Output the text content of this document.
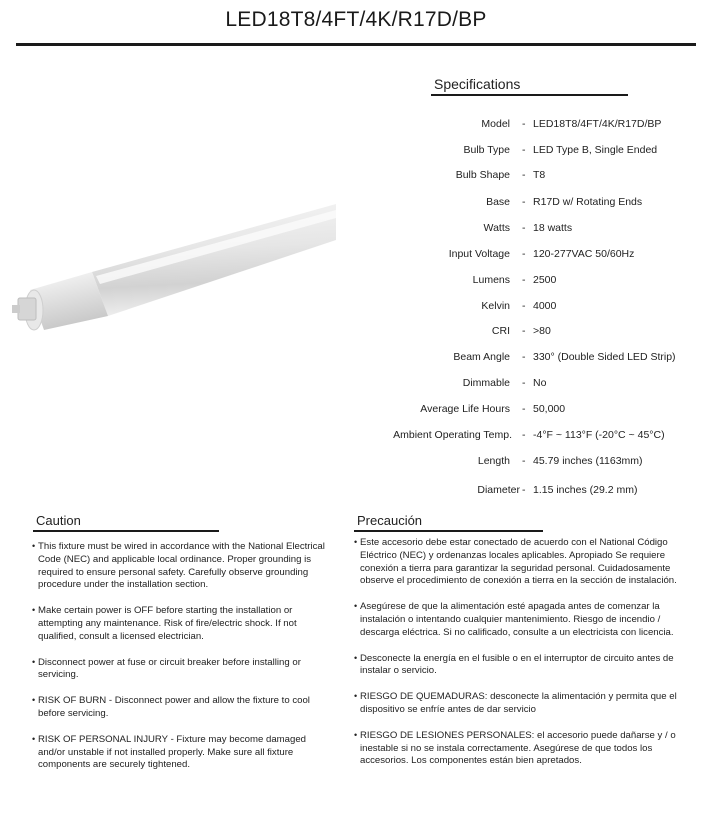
LED18T8/4FT/4K/R17D/BP
Specifications
Model - LED18T8/4FT/4K/R17D/BP
Bulb Type - LED Type B, Single Ended
Bulb Shape - T8
Base - R17D w/ Rotating Ends
Watts - 18 watts
Input Voltage - 120-277VAC 50/60Hz
Lumens - 2500
Kelvin - 4000
CRI - >80
Beam Angle - 330° (Double Sided LED Strip)
Dimmable - No
Average Life Hours - 50,000
Ambient Operating Temp. - -4°F ~ 113°F (-20°C ~ 45°C)
Length - 45.79 inches (1163mm)
Diameter - 1.15 inches (29.2 mm)
Caution
• This fixture must be wired in accordance with the National Electrical Code (NEC) and applicable local ordinance. Proper grounding is required to ensure personal safety. Carefully observe grounding procedure under the installation section.
• Make certain power is OFF before starting the installation or attempting any maintenance. Risk of fire/electric shock. If not qualified, consult a licensed electrician.
• Disconnect power at fuse or circuit breaker before installing or servicing.
• RISK OF BURN - Disconnect power and allow the fixture to cool before servicing.
• RISK OF PERSONAL INJURY - Fixture may become damaged and/or unstable if not installed properly. Make sure all fixture components are securely tightened.
Precaución
• Este accesorio debe estar conectado de acuerdo con el National Código Eléctrico (NEC) y ordenanzas locales aplicables. Apropiado Se requiere conexión a tierra para garantizar la seguridad personal. Cuidadosamente observe el procedimiento de conexión a tierra en la sección de instalación.
• Asegúrese de que la alimentación esté apagada antes de comenzar la instalación o intentando cualquier mantenimiento. Riesgo de incendio / descarga eléctrica. Si no calificado, consulte a un electricista con licencia.
• Desconecte la energía en el fusible o en el interruptor de circuito antes de instalar o servicio.
• RIESGO DE QUEMADURAS: desconecte la alimentación y permita que el dispositivo se enfríe antes de dar servicio
• RIESGO DE LESIONES PERSONALES: el accesorio puede dañarse y / o inestable si no se instala correctamente. Asegúrese de que todos los accesorios. Los componentes están bien apretados.
